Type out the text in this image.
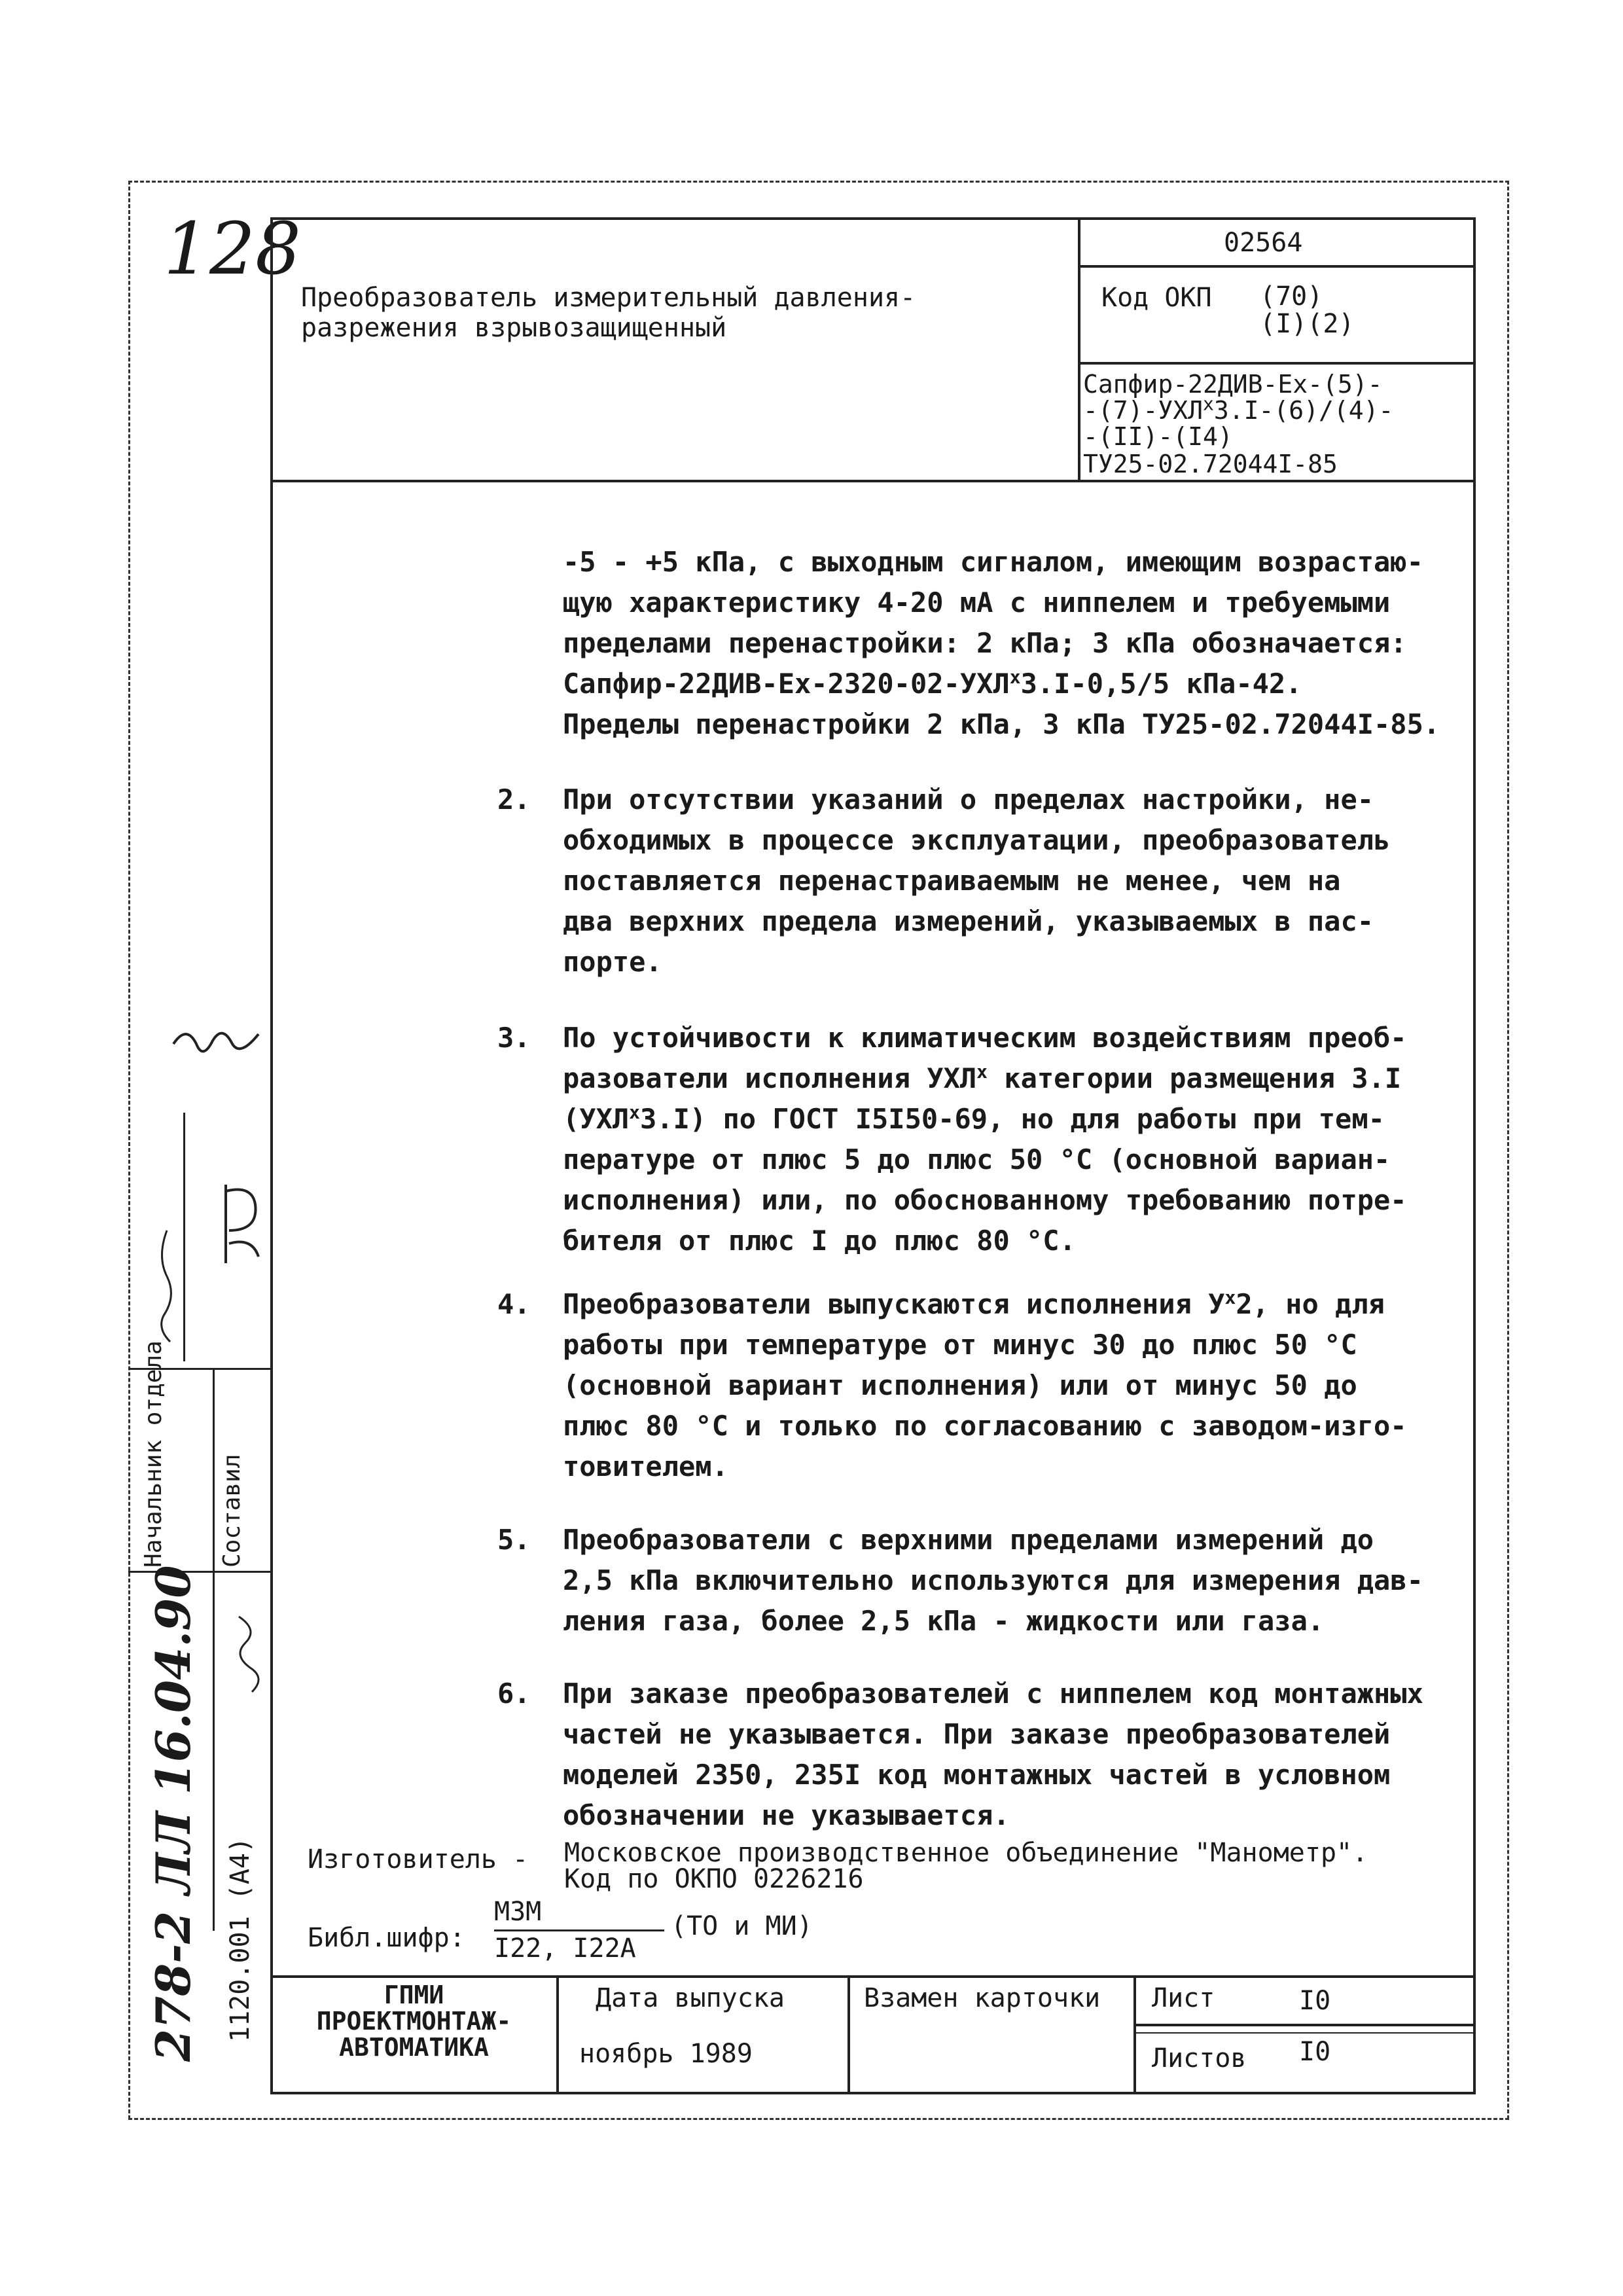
128	02564
Преобразователь измерительный давления-разрежения взрывозащищенный
Код ОКП (70)
(I)(2)
Сапфир-22ДИВ-Ех-(5)-
-(7)-УХЛ$^x$3.I-(6)/(4)-
-(II)-(I4)
ТУ25-02.72044I-85
-5 - +5 кПа, с выходным сигналом, имеющим возрастаю-
щую характеристику 4-20 мА с ниппелем и требуемыми
пределами перенастройки: 2 кПа; 3 кПа обозначается:
Сапфир-22ДИВ-Ех-2320-02-УХЛ$^x$3.I-0,5/5 кПа-42.
Пределы перенастройки 2 кПа, 3 кПа ТУ25-02.72044I-85.
2. При отсутствии указаний о пределах настройки, не-
обходимых в процессе эксплуатации, преобразователь
поставляется перенастраиваемым не менее, чем на
два верхних предела измерений, указываемых в пас-
порте.
3. По устойчивости к климатическим воздействиям преоб-
разователи исполнения УХЛ$^x$ категории размещения 3.I
(УХЛ$^x$3.I) по ГОСТ I5I50-69, но для работы при тем-
пературе от плюс 5 до плюс 50 °С (основной вариан-
исполнения) или, по обоснованному требованию потре-
бителя от плюс I до плюс 80 °С.
4. Преобразователи выпускаются исполнения $У^x2$, но для
работы при температуре от минус 30 до плюс 50 °С
(основной вариант исполнения) или от минус 50 до
плюс 80 °С и только по согласованию с заводом-изго-
товителем.
5. Преобразователи с верхними пределами измерений до
2,5 кПа включительно используются для измерения дав-
ления газа, более 2,5 кПа - жидкости или газа.
6. При заказе преобразователей с ниппелем код монтажных
частей не указывается. При заказе преобразователей
моделей 2350, 235I код монтажных частей в условном
обозначении не указывается.
Изготовитель - Московское производственное объединение "Манометр".
Код по ОКПО 0226216
Библ.шифр:
МЗМ
I22, I22А
(ТО и МИ)
ГПМИ
ПРОЕКТМОНТАЖ-
АВТОМАТИКА
Дата выпуска
ноябрь 1989
Взамен карточки Лист	I0
Листов I0
Начальник отдела Составил
278-2 ЛЛ 16.04.90 1120.001 (А4)
